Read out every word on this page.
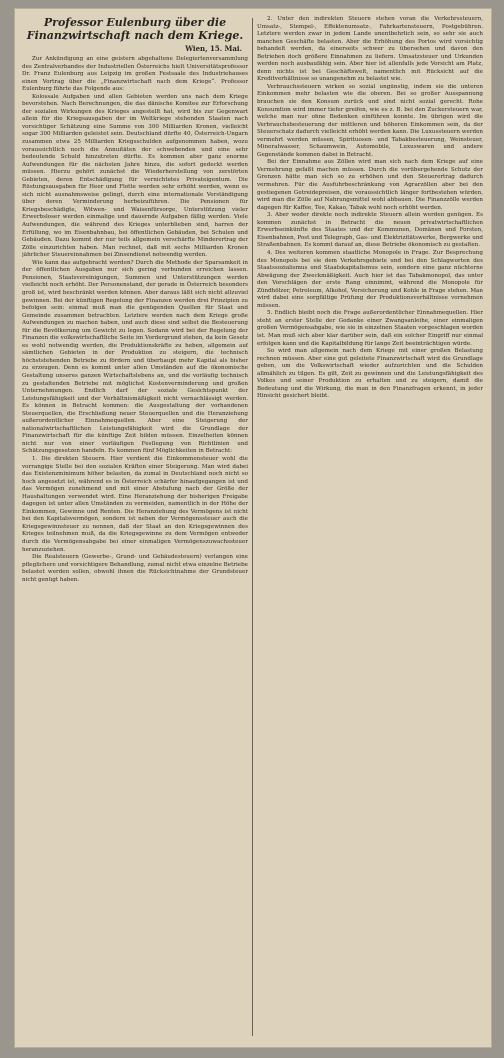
Professor Eulenburg über die Finanzwirtschaft nach dem Kriege.
Wien, 15. Mai.

Zur Ankündigung an eine geistern abgehaltene Delegiertenversammlung des Zentralverbandes der Industriellen Österreichs hielt Universitätsprofessor Dr. Franz Eulenburg aus Leipzig im großen Festsaale des Industriehauses einen Vortrag über die „Finanzwirtschaft nach dem Kriege“. Professor Eulenburg führte das Folgende aus:

Kolossale Aufgaben und allen Gebieten werden uns nach dem Kriege bevorstehen. Nach Berechnungen, die das dänische Komitee zur Erforschung der sozialen Wirkungen des Krieges angestellt hat, wird bis zur Gegenwart allein für die Kriegsausgaben der im Weltkriege stehenden Staaten nach vorsichtiger Schätzung eine Summe von 300 Milliarden Kronen, vielleicht sogar 300 Milliarden geleistet sein. Deutschland dürfte 40, Österreich-Ungarn zusammen etwa 25 Milliarden Kriegsschulden aufgenommen haben, wozu voraussichtlich noch die Annuitäten der schwebenden und eine sehr bedeutende Schuld hinzutreten dürfte. Es kommen aber ganz enorme Aufwendungen für die nächsten Jahre hinzu, die sofort gedeckt werden müssen. Hierzu gehört zunächst die Wiederherstellung von zerstörten Gebieten, deren Entschädigung für vernichtetes Privateigentum. Die Rüstungsausgaben für Heer und Flotte werden sehr erhöht werden, wenn es sich nicht ausnahmsweise gelingt, durch eine internationale Verständigung über deren Verminderung herbeizuführen. Die Pensionen für Kriegsbeschädigte, Witwen- und Waisenfürsorge, Unterstützung vieler Erwerbsloser werden einmalige und dauernde Aufgaben fällig werden. Viele Aufwendungen, die während des Krieges unterblieben sind, harren der Erfüllung, wo im Eisenbahnbau, bei öffentlichen Gebäuden, bei Schulen und Gebäuden. Dazu kommt der nur teils allgemein verschärfte Minderertrag der Zölle einzurichten haben. Man rechnet, daß mit sechs Milliarden Kronen jährlicher Steuereinnahmen bei Zinsendienst notwendig werden.

Wie kann das aufgebracht werden? Durch die Methode der Sparsamkeit in der öffentlichen Ausgaben nur sich gering verbunden erreichen lassen. Pensionen, Staatsvereinigungen, Summen und Unterstützungen werden vielleicht noch erhöht. Der Personenstand, der gerade in Österreich besonders groß ist, wird beschränkt werden können. Aber daraus läßt sich nicht allzuviel gewinnen. Bei der künftigen Regelung der Finanzen werden drei Prinzipien zu befolgen sein: einmal muß man die genügenden Quellen für Staat und Gemeinde zusammen betrachten. Letztere werden nach dem Kriege große Aufwendungen zu machen haben, und auch diese sind selbst die Besteuerung für die Bevölkerung um Gewicht zu legen. Sodann wird bei der Regelung der Finanzen die volkswirtschaftliche Seite im Vordergrund stehen, da kein Gesetz es wohl notwendig werden, die Produktionskräfte zu heben, allgemein auf sämtlichen Gebieten in der Produktion zu steigern, die technisch höchststehenden Betriebe zu fördern und überhaupt mehr Kapital als bisher zu erzeugen. Denn es kommt unter allen Umständen auf die ökonomische Gestaltung unseres ganzen Wirtschaftslebens an, und die vorläufig technisch zu gestaltenden Betriebe mit möglichst Kostenverminderung und großen Unternehmungen. Endlich darf der soziale Gesichtspunkt der Leistungsfähigkeit und der Verhältnismäßigkeit nicht vernachlässigt werden. Es können in Betracht kommen: die Ausgestaltung der vorhandenen Steuerquellen, die Erschließung neuer Steuerquellen und die Heranziehung außerordentlicher Einnahmequellen. Aber eine Steigerung der nationalwirtschaftlichen Leistungsfähigkeit wird die Grundlage der Finanzwirtschaft für die künftige Zeit bilden müssen. Einzelheiten können nicht nur von einer vorläufigen Festlegung von Richtlinien und Schätzungsgesetzen handeln. Es kommen fünf Möglichkeiten in Betracht:

1. Die direkten Steuern. Hier verdient die Einkommensteuer wohl die vorrangige Stelle bei den sozialen Kräften einer Steigerung. Man wird dabei das Existenzminimum höher belasten, da zumal in Deutschland noch nicht so hoch angesetzt ist, während es in Österreich schärfer hinaufgegangen ist und das Vermögen zunehmend und mit einer Abstufung nach der Größe der Haushaltungen verwendet wird. Eine Heranziehung der bisherigen Freigabe dagegen ist unter allen Umständen zu vermeiden, namentlich in der Höhe der Einkommen, Gewinne und Renten. Die Heranziehung des Vermögens ist nicht bei den Kapitalsvermögen, sondern ist neben der Vermögenssteuer auch die Kriegsgewinnsteuer zu nennen, daß der Staat an den Kriegsgewinnen des Krieges teilnehmen muß, da die Kriegsgewinne zu dem Vermögen entweder durch die Vermögensabgabe bei einer einmaligen Vermögenszuwachssteuer heranzuziehen.

Die Realsteuern (Gewerbe-, Grund- und Gebäudesteuern) verlangen eine pfleglichere und vorsichtigere Behandlung, zumal nicht etwa einzelne Betriebe belastet werden sollen, obwohl ihnen die Rücksichtnahme der Grundsteuer nicht genügt haben.

2. Unter den indirekten Steuern stehen voran die Verkehrssteuern, Umsatz-, Stempel-, Effektenumsatz-, Fahrkartensteuern, Postgebühren. Letztere werden zwar in jedem Lande unentbehrlich sein, so sehr sie auch manchen Geschäfte belasten. Aber die Erhöhung des Portos wird vorsichtig behandelt werden, da einerseits schwer zu übersehen und davon den Betrieben doch größere Einnahmen zu liefern. Umsatzsteuer und Urkunden werden noch ausbaufähig sein. Aber hier ist allenfalls jede Vorsicht am Platz, denn nichts ist bei Geschäftswelt, namentlich mit Rücksicht auf die Kreditverhältnisse so unangenehm zu belastet wie.

Verbrauchssteuern wirken so sozial ungünstig, indem sie die unteren Einkommen mehr belasten wie die oberen. Bei so großer Ausspannung brauchen sie den Konsum zurück und sind nicht sozial gerecht. Rohe Konsumtion wird immer tiefer greifen, wie es z. B. bei den Zuckersteuern war, welche man nur ohne Bedenken einführen konnte. Im übrigen wird die Verbrauchsbesteuerung der mittleren und höheren Einkommen sein, da der Steuerschatz dadurch vielleicht erhöht werden kann. Die Luxussteuern werden vermehrt werden müssen, Spirituosen- und Tabakbesteuerung, Weinsteuer, Mineralwasser, Schaumwein, Automobile, Luxuswaren und andere Gegenstände kommen dabei in Betracht.

Bei der Einnahme aus Zöllen wird man sich nach dem Kriege auf eine Vermehrung gefaßt machen müssen. Durch die vorübergehende Schutz der Grenzen hätte man sich so zu erhöhen und den Steuerertrag dadurch vermehren. Für die Ausfuhrbeschränkung von Agrarzöllen aber bei den gestiegenen Getreidepreisen, die voraussichtlich länger fortbestehen würden, wird man die Zölle auf Nahrungsmittel wohl abbauen. Die Finanzzölle werden dagegen für Kaffee, Tee, Kakao, Tabak wohl noch erhöht werden.

3. Aber weder direkte noch indirekte Steuern allein werden genügen. Es kommen zunächst in Betracht die neuen privatwirtschaftlichen Erwerbseinkünfte des Staates und der Kommunen, Domänen und Forsten, Eisenbahnen, Post und Telegraph, Gas- und Elektrizitätswerke, Bergwerke und Straßenbahnen. Es kommt darauf an, diese Betriebe ökonomisch zu gestalten.

4. Des weiteren kommen staatliche Monopole in Frage. Zur Besprechung des Monopols bei sie dem Verkehrsgebiete und bei den Schlagworten des Staatssozialismus und Staatskapitalismus sein, sondern eine ganz nüchterne Abwägung der Zweckmäßigkeit. Auch hier ist das Tabakmonopol, das unter den Vorschlägen der erste Rang einnimmt, während die Monopole für Zündhölzer, Petroleum, Alkohol, Versicherung und Kohle in Frage stehen. Man wird dabei eine sorgfältige Prüfung der Produktionsverhältnisse vornehmen müssen.

5. Endlich bleibt noch die Frage außerordentlicher Einnahmequellen. Hier steht an erster Stelle der Gedanke einer Zwangsanleihe, einer einmaligen großen Vermögensabgabe, wie sie in einzelnen Staaten vorgeschlagen worden ist. Man muß sich aber klar darüber sein, daß ein solcher Eingriff nur einmal erfolgen kann und die Kapitalbildung für lange Zeit beeinträchtigen würde.

So wird man allgemein nach dem Kriege mit einer großen Belastung rechnen müssen. Aber eine gut geleitete Finanzwirtschaft wird die Grundlage geben, um die Volkswirtschaft wieder aufzurichten und die Schulden allmählich zu tilgen. Es gilt, Zeit zu gewinnen und die Leistungsfähigkeit des Volkes und seiner Produktion zu erhalten und zu steigern, damit die Bedeutung und die Wirkung, die man in den Finanzfragen erkennt, in jeder Hinsicht gesichert bleibt.
